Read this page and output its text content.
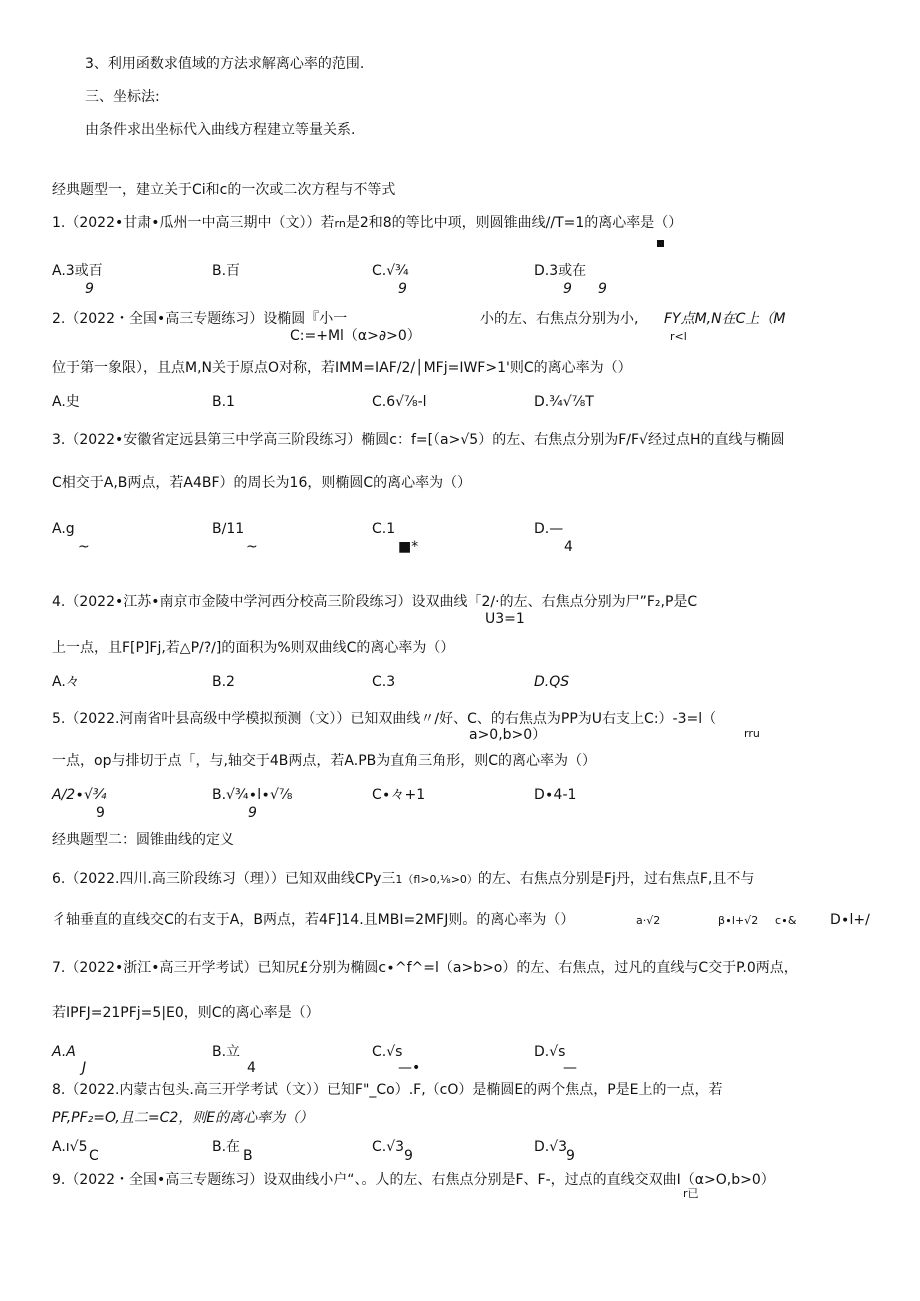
3、利用函数求值域的方法求解离心率的范围.
三、坐标法:
由条件求出坐标代入曲线方程建立等量关系.
经典题型一，建立关于Ci和c的一次或二次方程与不等式
1.（2022•甘肃•瓜州一中高三期中（文））若rn是2和8的等比中项，则圆锥曲线//T=1的离心率是（）
A.3或百	B.百	C.√¾	D.3或在
9	9	9 9
2.（2022・全国•高三专题练习）设椭圆『小一	小的左、右焦点分别为小, FY点M,N在C上（M
C:=+Ml（α>∂>0）	r<l
位于第一象限），且点M,N关于原点O对称，若IMM=IAF/2∕│MFj=IWF>1'则C的离心率为（）
A.史	B.1	C.6√⅞-l	D.¾√⅞T
3.（2022•安徽省定远县第三中学高三阶段练习）椭圆c：f=[（a>√5）的左、右焦点分别为F∕F√经过点H的直线与椭圆
C相交于A,B两点，若A4BF）的周长为16，则椭圆C的离心率为（）
A.g	B∕11	C.1	D.—
~	~	■*	4
4.（2022•江苏•南京市金陵中学河西分校高三阶段练习）设双曲线「2∕·的左、右焦点分别为尸”F₂,P是C
U3=1
上一点，且F[P]Fj,若△P∕?∕]的面积为%则双曲线C的离心率为（）
A.々	B.2	C.3	D.QS
5.（2022.河南省叶县高级中学模拟预测（文））已知双曲线〃∕好、C、的右焦点为PP为U右支上C:）-3=l（
a>0,b>0）	rru
一点，op与排切于点「，与,轴交于4B两点，若A.PB为直角三角形，则C的离心率为（）
A∕2∙√¾	B.√¾∙l∙√⅞	C∙々+1	D∙4-1
9	9
经典题型二：圆锥曲线的定义
6.（2022.四川.高三阶段练习（理））已知双曲线CPy三1（fl>0,⅛>0）的左、右焦点分别是Fj丹，过右焦点F,且不与
彳轴垂直的直线交C的右支于A，B两点，若4F]14.且MBI=2MFJ则。的离心率为（）	a·√2	β∙l+√2 c∙& D∙l+∕
7.（2022•浙江•高三开学考试）已知尻£分别为椭圆c∙^f^=l（a>b>o）的左、右焦点，过凡的直线与C交于P.0两点，
若IPFJ=21PFj=5|E0，则C的离心率是（）
A.A	B.立	C.√s	D.√s
J	4	—•	—
8.（2022.内蒙古包头.高三开学考试（文））已知F"_Co）.F,（cO）是椭圆E的两个焦点，P是E上的一点，若
PF,PF₂=O,且二=C2，则E的离心率为（）
A.ı√5	B.在	C.√3	D.√3
C	B	9	9
9.（2022・全国•高三专题练习）设双曲线小户“、。人的左、右焦点分别是F、F-，过点的直线交双曲I（α>O,b>0）
r已
